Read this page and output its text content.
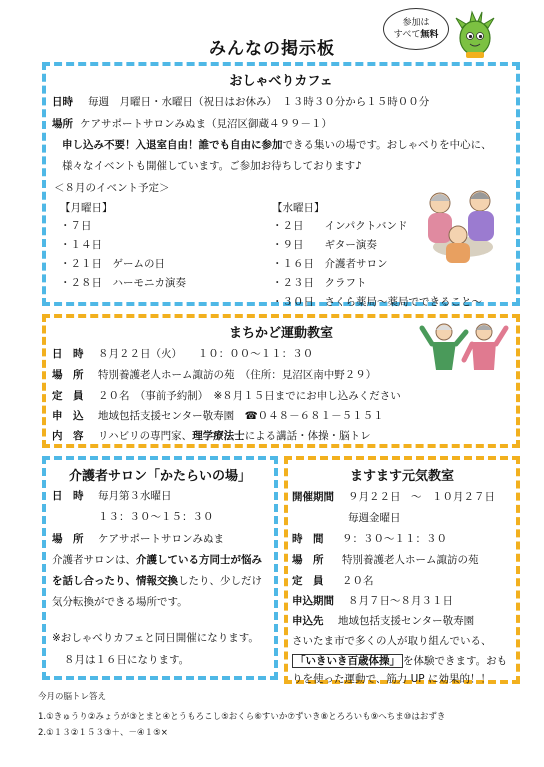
みんなの掲示板
参加は
すべて無料
おしゃべりカフェ
日時 毎週　月曜日・水曜日（祝日はお休み）　１３時３０分から１５時００分
場所 ケアサポートサロンみぬま（見沼区御蔵４９９－１）
申し込み不要！入退室自由！誰でも自由に参加できる集いの場です。おしゃべりを中心に、
様々なイベントも開催しています。ご参加お待ちしております♪
＜８月のイベント予定＞
【月曜日】
・７日
・１４日
・２１日　ゲームの日
・２８日　ハーモニカ演奏
【水曜日】
・２日　　インパクトバンド
・９日　　ギター演奏
・１６日　介護者サロン
・２３日　クラフト
・３０日　さくら薬局～薬局でできること～
まちかど運動教室
日　時 ８月２２日（火）　　１０：００～１１：３０
場　所 特別養護老人ホーム諏訪の苑　（住所：見沼区南中野２９）
定　員 ２０名　（事前予約制）　※８月１５日までにお申し込みください
申　込 地域包括支援センター敬寿園　☎０４８－６８１－５１５１
内　容 リハビリの専門家、理学療法士による講話・体操・脳トレ
介護者サロン「かたらいの場」
日　時 毎月第３水曜日
１３：３０～１５：３０
場　所 ケアサポートサロンみぬま
介護者サロンは、介護している方同士が悩み
を話し合ったり、情報交換したり、少しだけ
気分転換ができる場所です。
※おしゃべりカフェと同日開催になります。
８月は１６日になります。
ますます元気教室
開催期間 ９月２２日　～　１０月２７日
毎週金曜日
時　間 ９：３０～１１：３０
場　所 特別養護老人ホーム諏訪の苑
定　員 ２０名
申込期間 ８月７日～８月３１日
申込先 地域包括支援センター敬寿園
さいたま市で多くの人が取り組んでいる、
「いきいき百歳体操」 を体験できます。おも
りを使った運動で、筋力 UP に効果的！！
今月の脳トレ答え
1.①きゅうり②みょうが③とまと④とうもろこし⑤おくら⑥すいか⑦ずいき⑧とろろいも⑨へちま⑩はおずき
2.①１３②１５３③＋、－④１⑤×
